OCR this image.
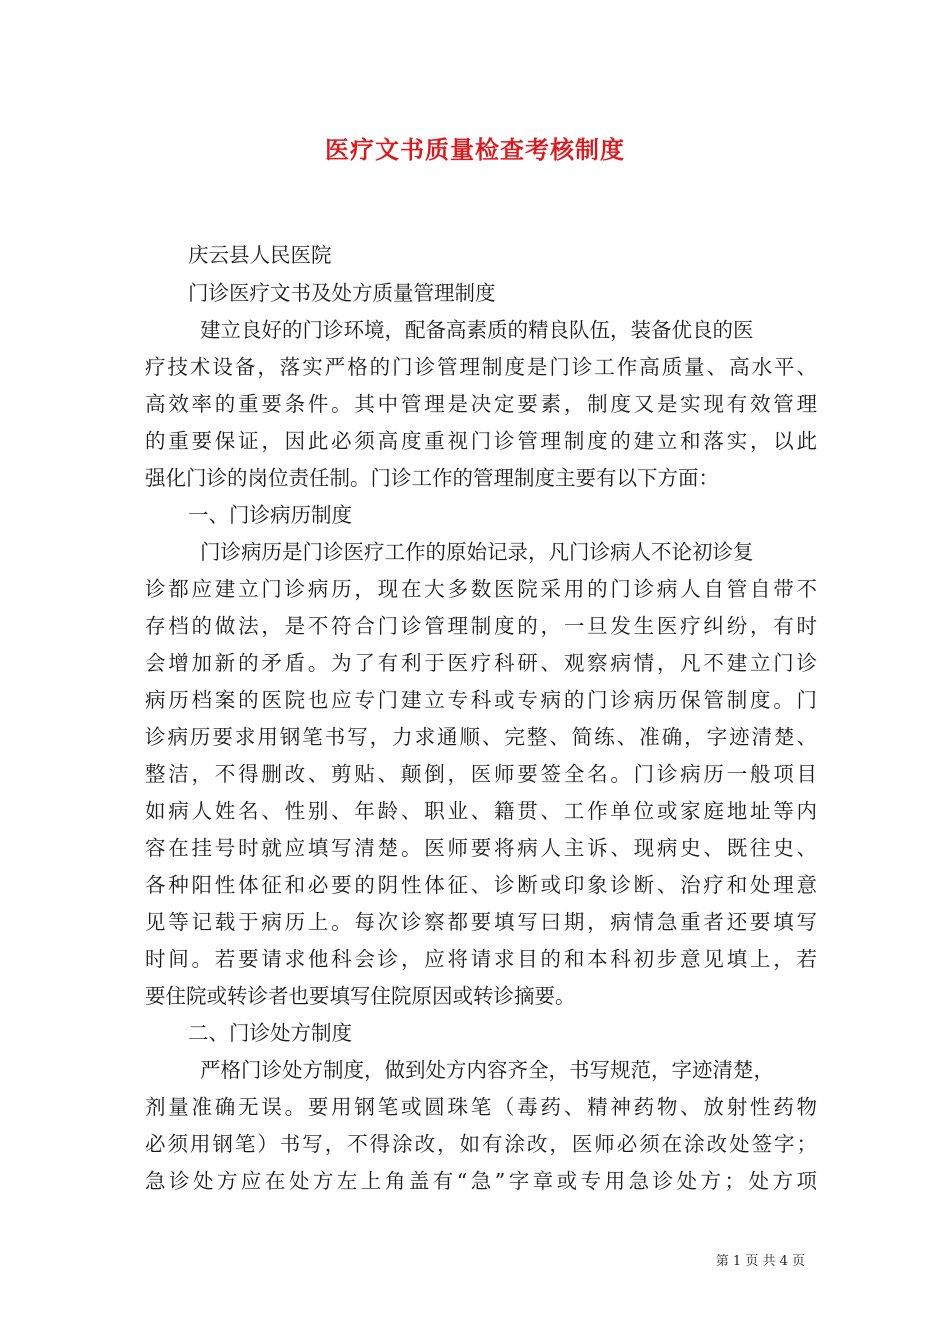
医疗文书质量检查考核制度

庆云县人民医院

门诊医疗文书及处方质量管理制度

建立良好的门诊环境，配备高素质的精良队伍，装备优良的医

疗技术设备，落实严格的门诊管理制度是门诊工作高质量、高水平、

高效率的重要条件。其中管理是决定要素，制度又是实现有效管理

的重要保证，因此必须高度重视门诊管理制度的建立和落实，以此

强化门诊的岗位责任制。门诊工作的管理制度主要有以下方面：

一、门诊病历制度

门诊病历是门诊医疗工作的原始记录，凡门诊病人不论初诊复

诊都应建立门诊病历，现在大多数医院采用的门诊病人自管自带不

存档的做法，是不符合门诊管理制度的，一旦发生医疗纠纷，有时

会增加新的矛盾。为了有利于医疗科研、观察病情，凡不建立门诊

病历档案的医院也应专门建立专科或专病的门诊病历保管制度。门

诊病历要求用钢笔书写，力求通顺、完整、简练、准确，字迹清楚、

整洁，不得删改、剪贴、颠倒，医师要签全名。门诊病历一般项目

如病人姓名、性别、年龄、职业、籍贯、工作单位或家庭地址等内

容在挂号时就应填写清楚。医师要将病人主诉、现病史、既往史、

各种阳性体征和必要的阴性体征、诊断或印象诊断、治疗和处理意

见等记载于病历上。每次诊察都要填写曰期，病情急重者还要填写

时间。若要请求他科会诊，应将请求目的和本科初步意见填上，若

要住院或转诊者也要填写住院原因或转诊摘要。

二、门诊处方制度

严格门诊处方制度，做到处方内容齐全，书写规范，字迹清楚，

剂量准确无误。要用钢笔或圆珠笔（毒药、精神药物、放射性药物

必须用钢笔）书写，不得涂改，如有涂改，医师必须在涂改处签字；

急诊处方应在处方左上角盖有“急”字章或专用急诊处方；处方项

第 1 页 共 4 页
